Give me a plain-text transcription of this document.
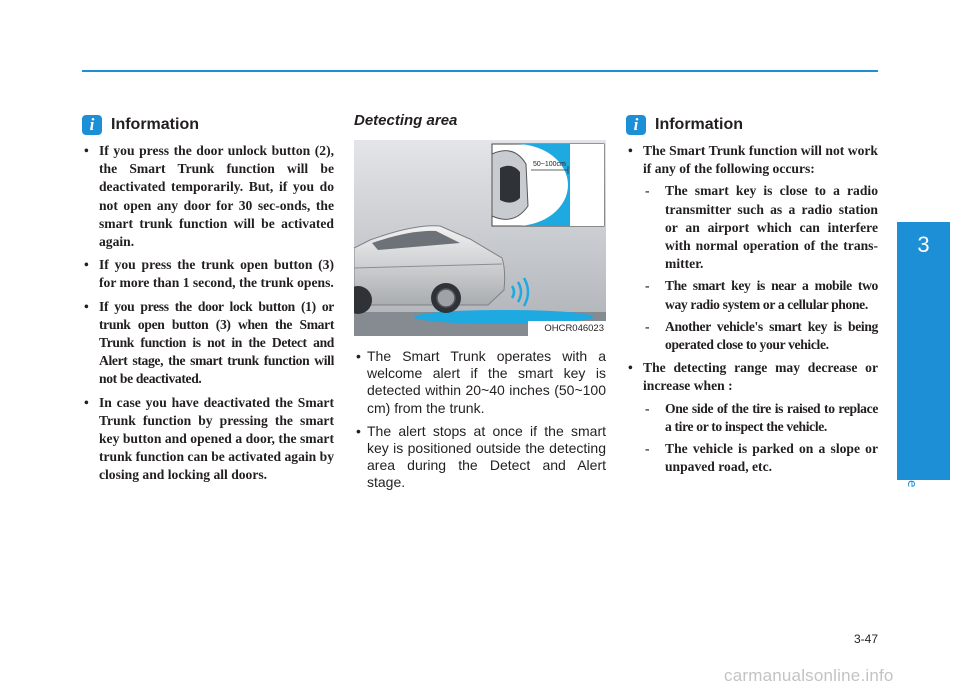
i	Information
• If you press the door unlock button (2), the Smart Trunk function will be deactivated temporarily. But, if you do not open any door for 30 sec-onds, the smart trunk function will be activated again.
• If you press the trunk open button (3) for more than 1 second, the trunk opens.
• If you press the door lock button (1) or trunk open button (3) when the Smart Trunk function is not in the Detect and Alert stage, the smart trunk function will not be deactivated.
• In case you have deactivated the Smart Trunk function by pressing the smart key button and opened a door, the smart trunk function can be activated again by closing and locking all doors.
Detecting area
50~100cm
OHCR046023
• The Smart Trunk operates with a welcome alert if the smart key is detected within 20~40 inches (50~100 cm) from the trunk.
• The alert stops at once if the smart key is positioned outside the detecting area during the Detect and Alert stage.
i	Information
• The Smart Trunk function will not work if any of the following occurs:
- The smart key is close to a radio transmitter such as a radio station or an airport which can interfere with normal operation of the trans-mitter.
- The smart key is near a mobile two way radio system or a cellular phone.
- Another vehicle's smart key is being operated close to your vehicle.
• The detecting range may decrease or increase when :
- One side of the tire is raised to replace a tire or to inspect the vehicle.
- The vehicle is parked on a slope or unpaved road, etc.
3
Convenient features of your vehicle
3-47
carmanualsonline.info
